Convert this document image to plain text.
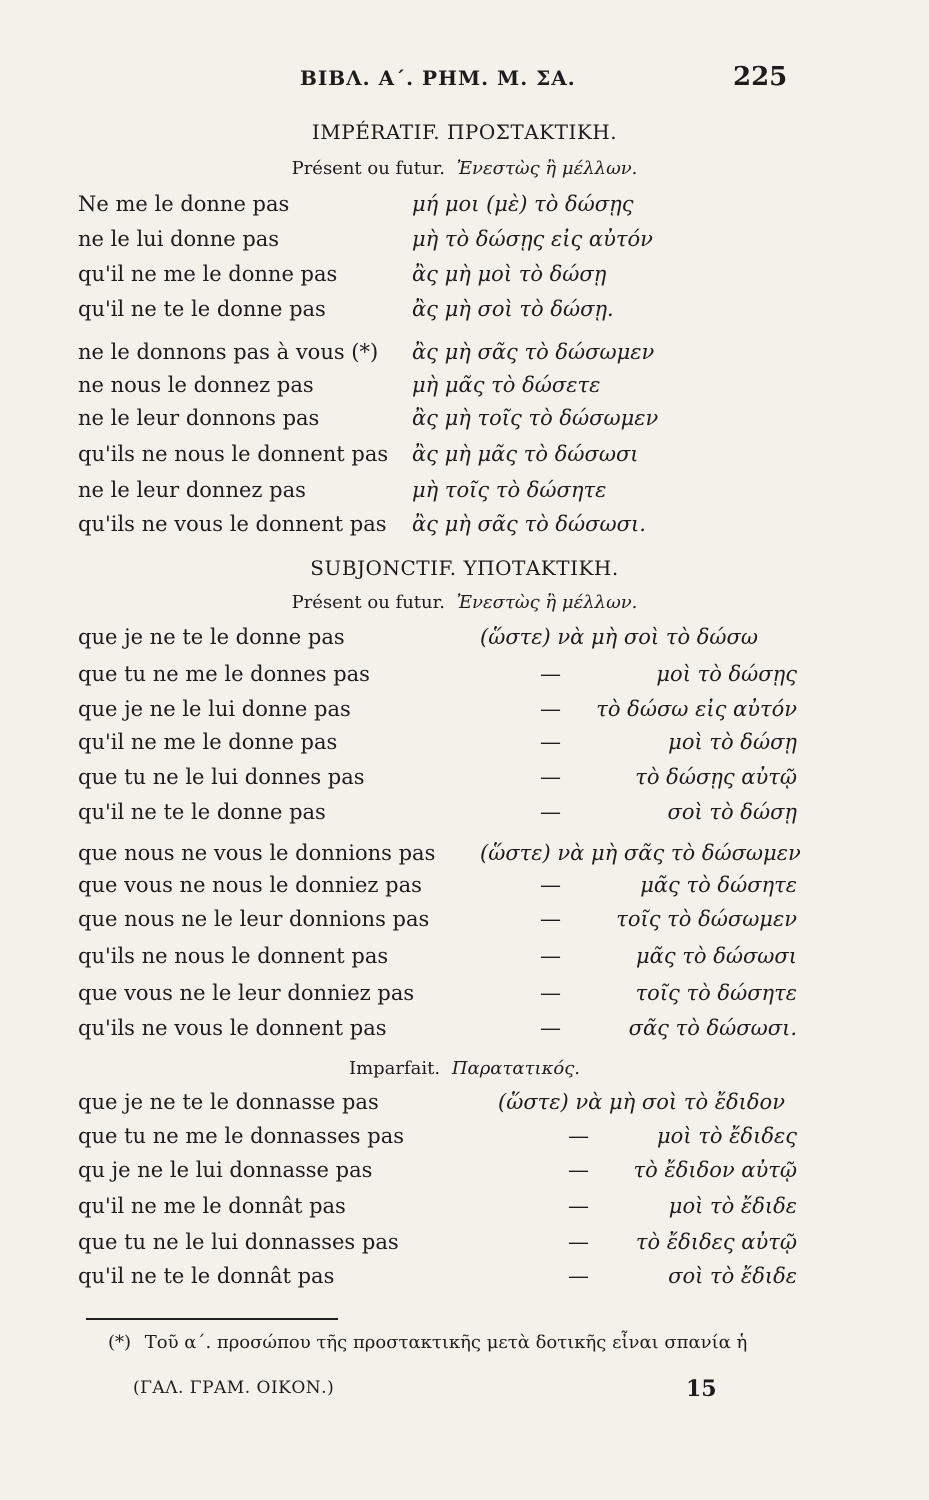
ΒΙΒΛ. Α΄. ΡΗΜ. Μ. ΣΑ.	225
IMPÉRATIF. ΠΡΟΣΤΑΚΤΙΚΗ.
Présent ou futur. Ἐνεστὼς ἢ μέλλων.
Ne me le donne pas	μή μοι (μὲ) τὸ δώσῃς
ne le lui donne pas	μὴ τὸ δώσῃς εἰς αὐτόν
qu'il ne me le donne pas	ἂς μὴ μοὶ τὸ δώσῃ
qu'il ne te le donne pas	ἂς μὴ σοὶ τὸ δώσῃ.
ne le donnons pas à vous (*) ἂς μὴ σᾶς τὸ δώσωμεν
ne nous le donnez pas	μὴ μᾶς τὸ δώσετε
ne le leur donnons pas	ἂς μὴ τοῖς τὸ δώσωμεν
qu'ils ne nous le donnent pas ἂς μὴ μᾶς τὸ δώσωσι
ne le leur donnez pas	μὴ τοῖς τὸ δώσητε
qu'ils ne vous le donnent pas ἂς μὴ σᾶς τὸ δώσωσι.
SUBJONCTIF. ΥΠΟΤΑΚΤΙΚΗ.
Présent ou futur. Ἐνεστὼς ἢ μέλλων.
que je ne te le donne pas	(ὥστε) νὰ μὴ σοὶ τὸ δώσω
que tu ne me le donnes pas	—	μοὶ τὸ δώσῃς
que je ne le lui donne pas	— τὸ δώσω εἰς αὐτόν
qu'il ne me le donne pas	—	μοὶ τὸ δώσῃ
que tu ne le lui donnes pas	—	τὸ δώσῃς αὐτῷ
qu'il ne te le donne pas	—	σοὶ τὸ δώσῃ
que nous ne vous le donnions pas (ὥστε) νὰ μὴ σᾶς τὸ δώσωμεν
que vous ne nous le donniez pas	—	μᾶς τὸ δώσητε
que nous ne le leur donnions pas	—	τοῖς τὸ δώσωμεν
qu'ils ne nous le donnent pas	—	μᾶς τὸ δώσωσι
que vous ne le leur donniez pas	—	τοῖς τὸ δώσητε
qu'ils ne vous le donnent pas	—	σᾶς τὸ δώσωσι.
Imparfait. Παρατατικός.
que je ne te le donnasse pas	(ὥστε) νὰ μὴ σοὶ τὸ ἔδιδον
que tu ne me le donnasses pas	—	μοὶ τὸ ἔδιδες
qu je ne le lui donnasse pas	— τὸ ἔδιδον αὐτῷ
qu'il ne me le donnât pas	—	μοὶ τὸ ἔδιδε
que tu ne le lui donnasses pas	— τὸ ἔδιδες αὐτῷ
qu'il ne te le donnât pas	—	σοὶ τὸ ἔδιδε
(*) Τοῦ α΄. προσώπου τῆς προστακτικῆς μετὰ δοτικῆς εἶναι σπανία ἡ
(ΓΑΛ. ΓΡΑΜ. ΟΙΚΟΝ.)	15
